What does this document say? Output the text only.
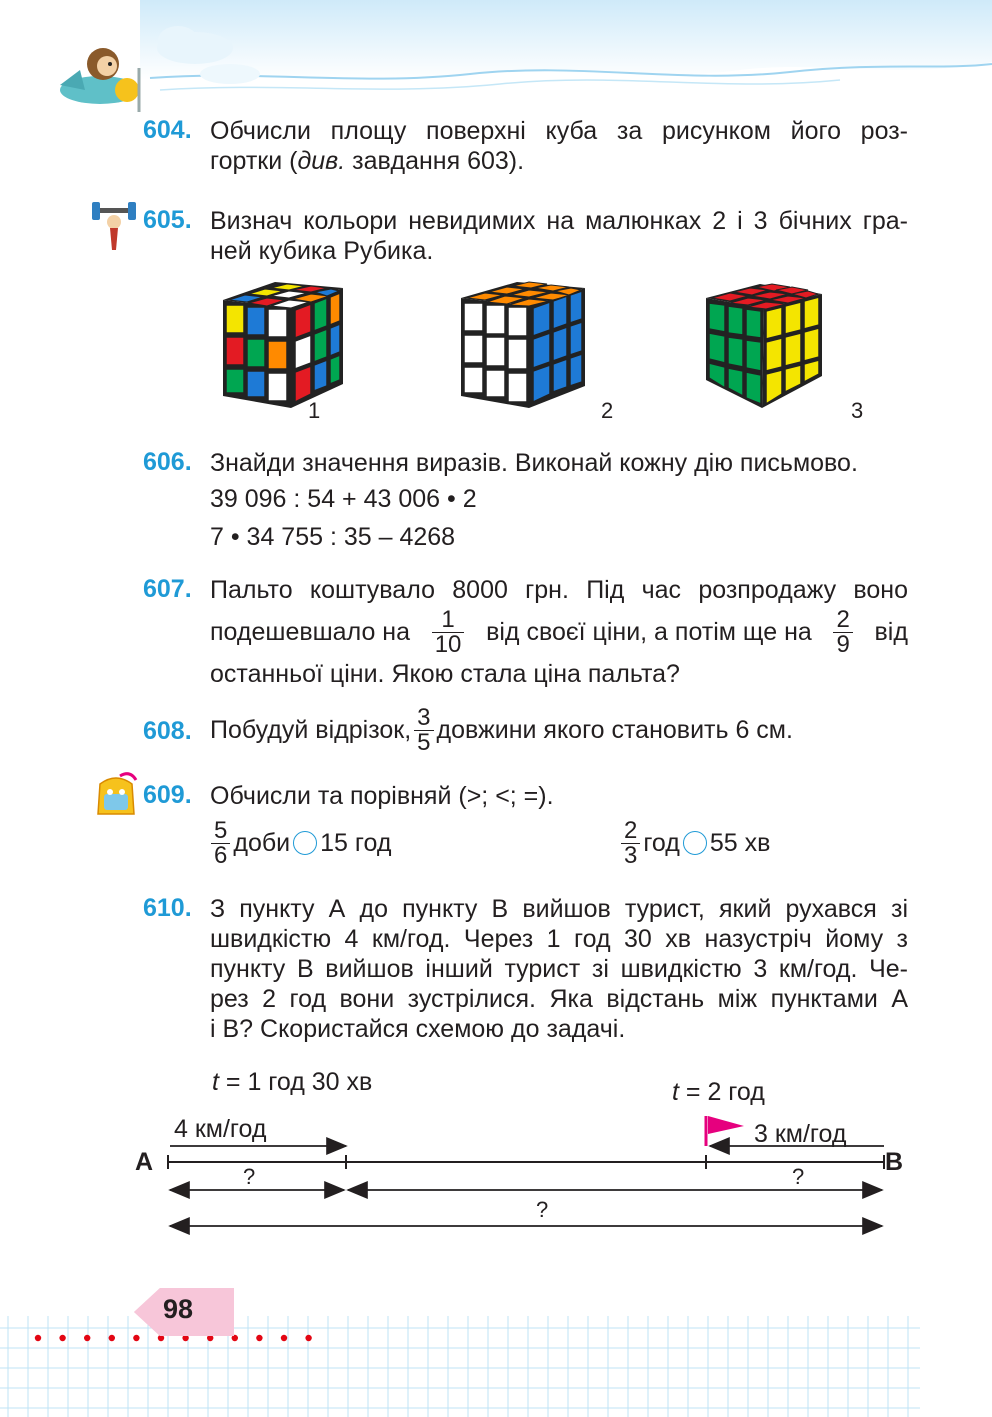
604. Обчисли площу поверхні куба за рисунком його роз-
гортки (див. завдання 603).
605. Визнач кольори невидимих на малюнках 2 і 3 бічних гра-
ней кубика Рубика.
1	2	3
606. Знайди значення виразів. Виконай кожну дію письмово.
39 096 : 54 + 43 006 • 2
7 • 34 755 : 35 – 4268
607. Пальто коштувало 8000 грн. Під час розпродажу воно
подешевшало на $\frac{1}{10}$ від своєї ціни, а потім ще на $\frac{2}{9}$ від
останньої ціни. Якою стала ціна пальта?
608. Побудуй відрізок, $\frac{3}{5}$ довжини якого становить 6 см.
609. Обчисли та порівняй (>; <; =).
$\frac{5}{6}$ доби 15 год	$\frac{2}{3}$ год 55 хв
610. З пункту А до пункту В вийшов турист, який рухався зі
швидкістю 4 км/год. Через 1 год 30 хв назустріч йому з
пункту В вийшов інший турист зі швидкістю 3 км/год. Че-
рез 2 год вони зустрілися. Яка відстань між пунктами А
і В? Скористайся схемою до задачі.
t = 1 год 30 хв	t = 2 год
4 км/год	3 км/год
А	В
?	?
?
98
